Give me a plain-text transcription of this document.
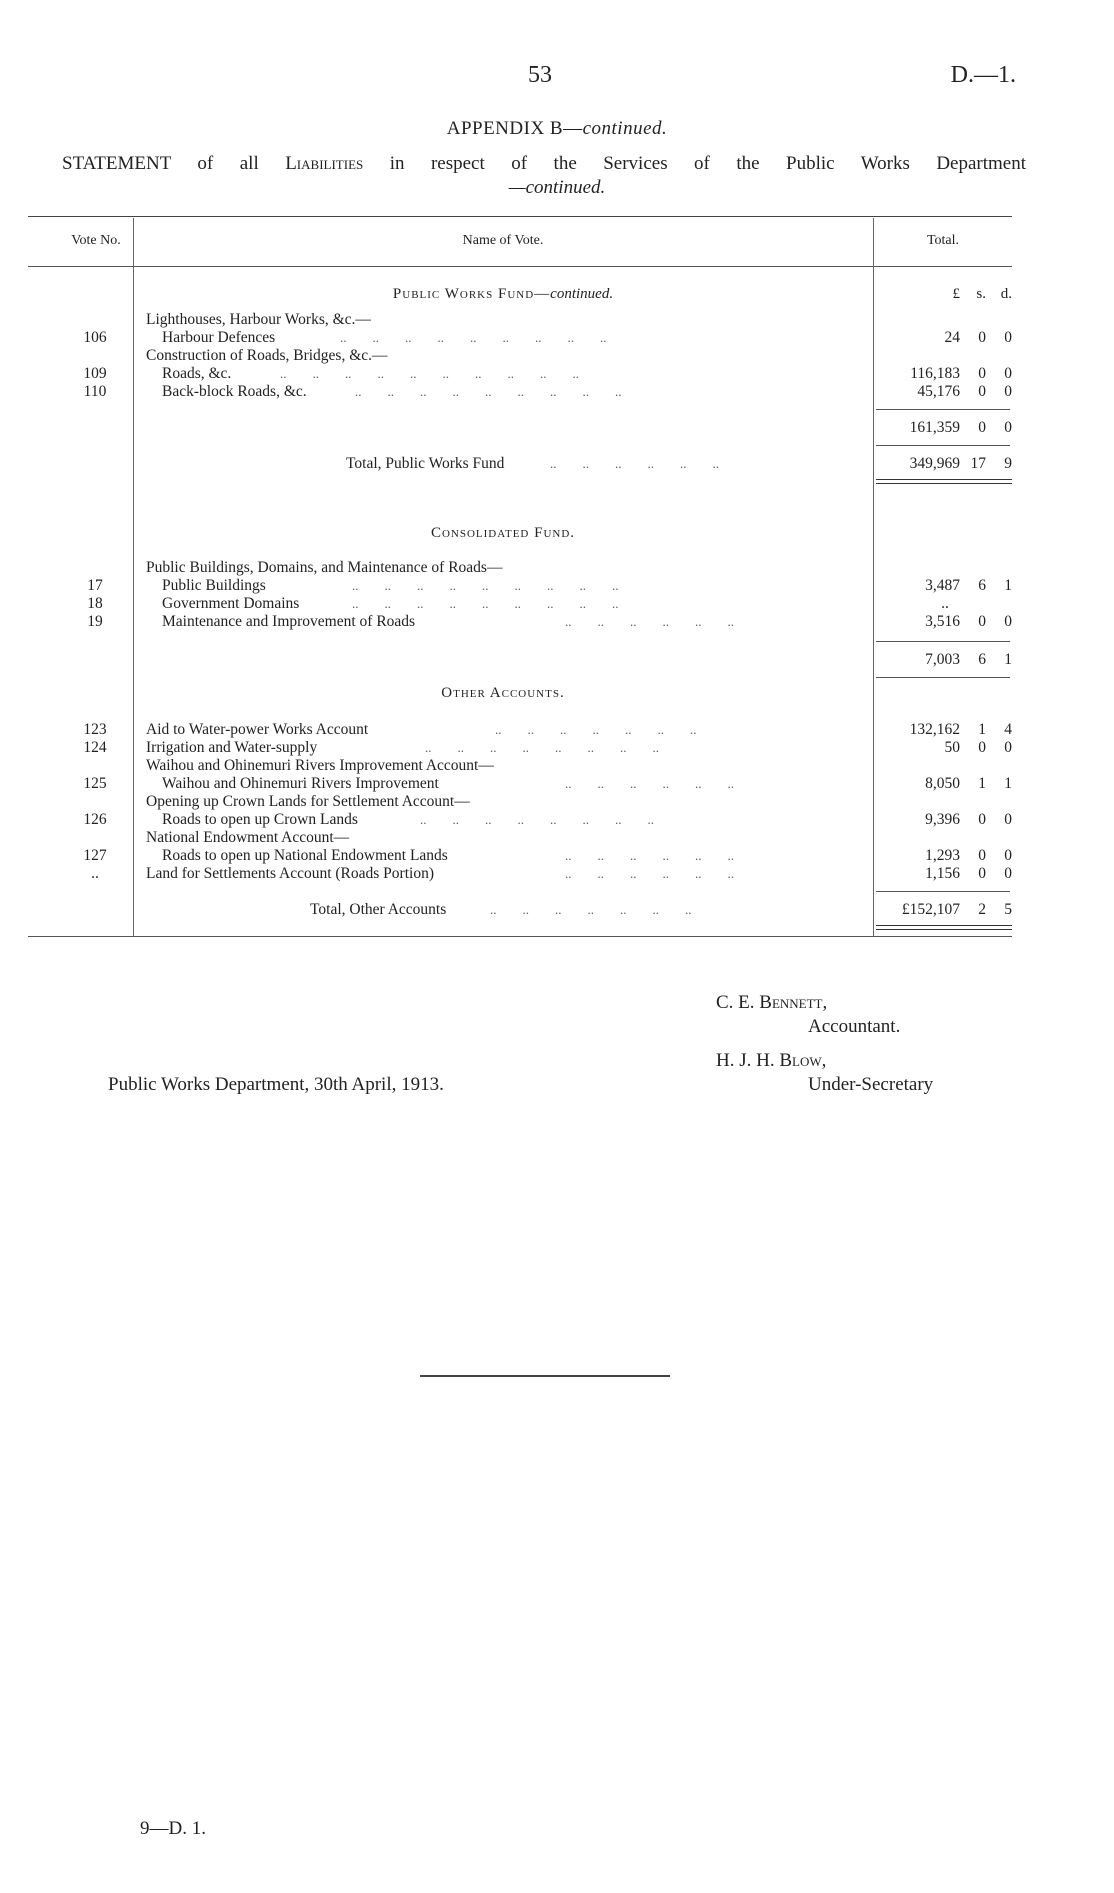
53	D.—1.
APPENDIX B—continued.
STATEMENT of all Liabilities in respect of the Services of the Public Works Department
—continued.
Vote No.	Name of Vote.	Total.
Public Works Fund—continued.	£	s. d.
Lighthouses, Harbour Works, &c.—
106	Harbour Defences	..        ..        ..        ..        ..        ..        ..        ..        ..	24	0	0
Construction of Roads, Bridges, &c.—
109	Roads, &c.	..        ..        ..        ..        ..        ..        ..        ..        ..        ..	116,183	0	0
110	Back-block Roads, &c.	..        ..        ..        ..        ..        ..        ..        ..        ..	45,176	0	0
161,359	0	0
Total, Public Works Fund	..        ..        ..        ..        ..        ..	349,969 17	9
Consolidated Fund.
Public Buildings, Domains, and Maintenance of Roads—
17	Public Buildings	..        ..        ..        ..        ..        ..        ..        ..        ..	3,487	6	1
18	Government Domains	..        ..        ..        ..        ..        ..        ..        ..        ..	..
19	Maintenance and Improvement of Roads	..        ..        ..        ..        ..        ..	3,516	0	0
7,003	6	1
Other Accounts.
123	Aid to Water-power Works Account	..        ..        ..        ..        ..        ..        ..	132,162	1	4
124	Irrigation and Water-supply	..        ..        ..        ..        ..        ..        ..        ..	50	0	0
Waihou and Ohinemuri Rivers Improvement Account—
125	Waihou and Ohinemuri Rivers Improvement	..        ..        ..        ..        ..        ..	8,050	1	1
Opening up Crown Lands for Settlement Account—
126	Roads to open up Crown Lands	..        ..        ..        ..        ..        ..        ..        ..	9,396	0	0
National Endowment Account—
127	Roads to open up National Endowment Lands	..        ..        ..        ..        ..        ..	1,293	0	0
..	Land for Settlements Account (Roads Portion)	..        ..        ..        ..        ..        ..	1,156	0	0
Total, Other Accounts	..        ..        ..        ..        ..        ..        ..	£152,107	2	5
C. E. Bennett,
Accountant.
H. J. H. Blow,
Under-Secretary
Public Works Department, 30th April, 1913.
9—D. 1.
